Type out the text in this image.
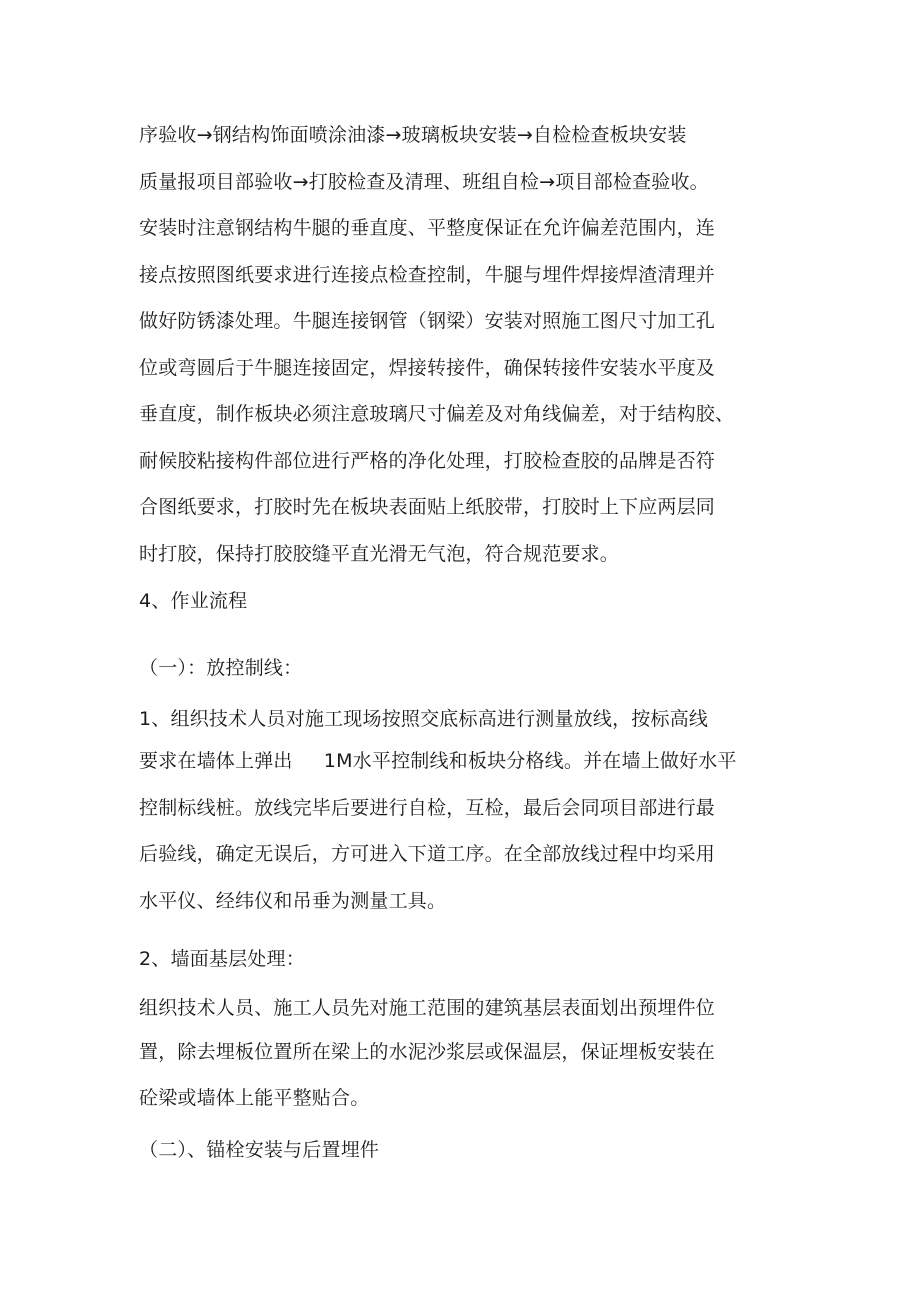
序验收→钢结构饰面喷涂油漆→玻璃板块安装→自检检查板块安装
质量报项目部验收→打胶检查及清理、班组自检→项目部检查验收。
安装时注意钢结构牛腿的垂直度、平整度保证在允许偏差范围内，连
接点按照图纸要求进行连接点检查控制，牛腿与埋件焊接焊渣清理并
做好防锈漆处理。牛腿连接钢管（钢梁）安装对照施工图尺寸加工孔
位或弯圆后于牛腿连接固定，焊接转接件，确保转接件安装水平度及
垂直度，制作板块必须注意玻璃尺寸偏差及对角线偏差，对于结构胶、
耐候胶粘接构件部位进行严格的净化处理，打胶检查胶的品牌是否符
合图纸要求，打胶时先在板块表面贴上纸胶带，打胶时上下应两层同
时打胶，保持打胶胶缝平直光滑无气泡，符合规范要求。
4、作业流程
（一）：放控制线：
1、组织技术人员对施工现场按照交底标高进行测量放线，按标高线
要求在墙体上弹出     1M水平控制线和板块分格线。并在墙上做好水平
控制标线桩。放线完毕后要进行自检，互检，最后会同项目部进行最
后验线，确定无误后，方可进入下道工序。在全部放线过程中均采用
水平仪、经纬仪和吊垂为测量工具。
2、墙面基层处理：
组织技术人员、施工人员先对施工范围的建筑基层表面划出预埋件位
置，除去埋板位置所在梁上的水泥沙浆层或保温层，保证埋板安装在
砼梁或墙体上能平整贴合。
（二）、锚栓安装与后置埋件
